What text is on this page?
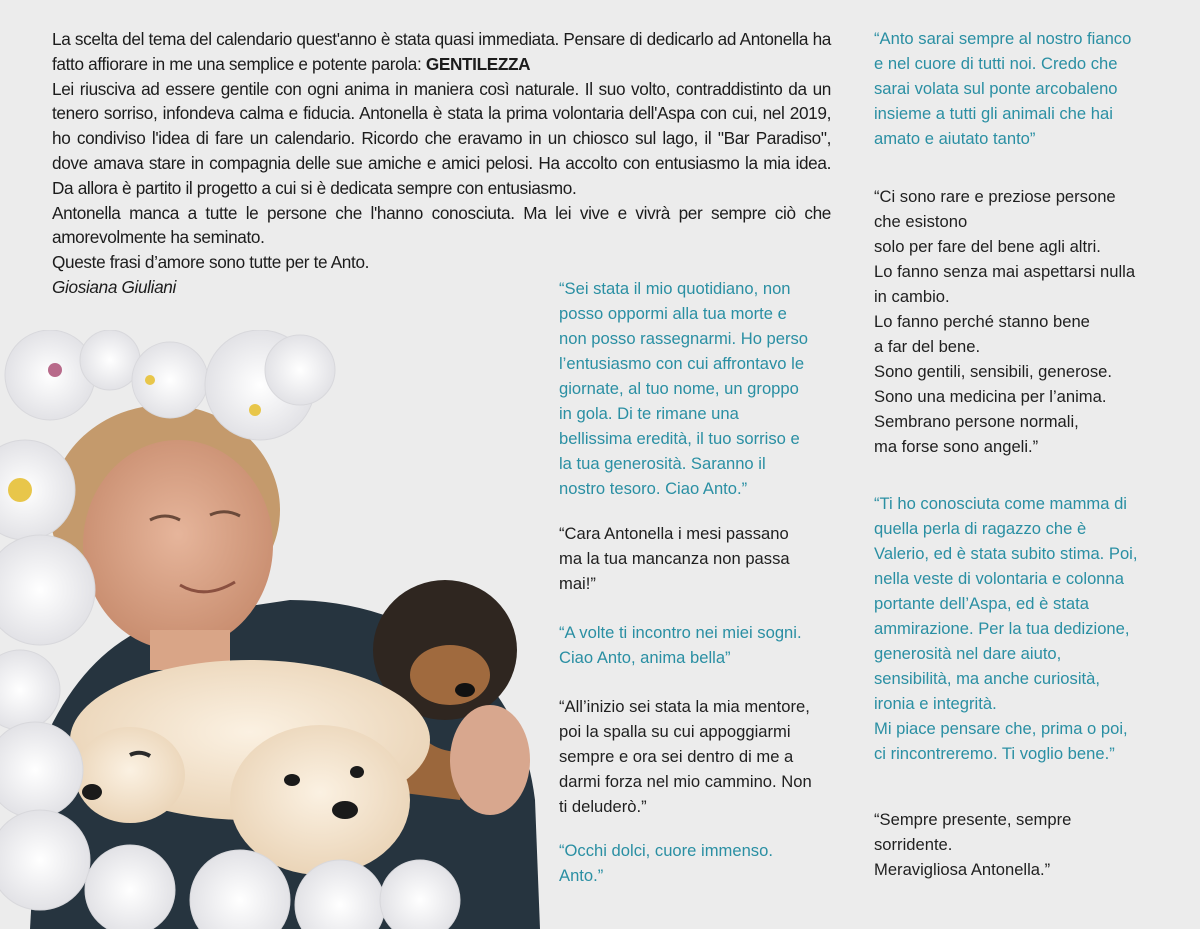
La scelta del tema del calendario quest'anno è stata quasi immediata. Pensare di dedicarlo ad Antonella ha fatto affiorare in me una semplice e potente parola: GENTILEZZA

Lei riusciva ad essere gentile con ogni anima in maniera così naturale. Il suo volto, contraddistinto da un tenero sorriso, infondeva calma e fiducia. Antonella è stata la prima volontaria dell'Aspa con cui, nel 2019, ho condiviso l'idea di fare un calendario. Ricordo che eravamo in un chiosco sul lago, il "Bar Paradiso", dove amava stare in compagnia delle sue amiche e amici pelosi. Ha accolto con entusiasmo la mia idea. Da allora è partito il progetto a cui si è dedicata sempre con entusiasmo.

Antonella manca a tutte le persone che l'hanno conosciuta. Ma lei vive e vivrà per sempre ciò che amorevolmente ha seminato.

Queste frasi d’amore sono tutte per te Anto.

Giosiana Giuliani	“Sei stata il mio quotidiano, non
posso oppormi alla tua morte e
non posso rassegnarmi. Ho perso
l’entusiasmo con cui affrontavo le
giornate, al tuo nome, un groppo
in gola. Di te rimane una
bellissima eredità, il tuo sorriso e
la tua generosità. Saranno il
nostro tesoro. Ciao Anto.”

“Cara Antonella i mesi passano
ma la tua mancanza non passa
mai!”

“A volte ti incontro nei miei sogni.
Ciao Anto, anima bella”

“All’inizio sei stata la mia mentore,
poi la spalla su cui appoggiarmi
sempre e ora sei dentro di me a
darmi forza nel mio cammino. Non
ti deluderò.”

“Occhi dolci, cuore immenso.
Anto.”

“Anto sarai sempre al nostro fianco
e nel cuore di tutti noi. Credo che
sarai volata sul ponte arcobaleno
insieme a tutti gli animali che hai
amato e aiutato tanto”

“Ci sono rare e preziose persone
che esistono
solo per fare del bene agli altri.
Lo fanno senza mai aspettarsi nulla
in cambio.
Lo fanno perché stanno bene
a far del bene.
Sono gentili, sensibili, generose.
Sono una medicina per l’anima.
Sembrano persone normali,
ma forse sono angeli.”

“Ti ho conosciuta come mamma di
quella perla di ragazzo che è
Valerio, ed è stata subito stima. Poi,
nella veste di volontaria e colonna
portante dell’Aspa, ed è stata
ammirazione. Per la tua dedizione,
generosità nel dare aiuto,
sensibilità, ma anche curiosità,
ironia e integrità.
Mi piace pensare che, prima o poi,
ci rincontreremo. Ti voglio bene.”

“Sempre presente, sempre
sorridente.
Meravigliosa Antonella.”
